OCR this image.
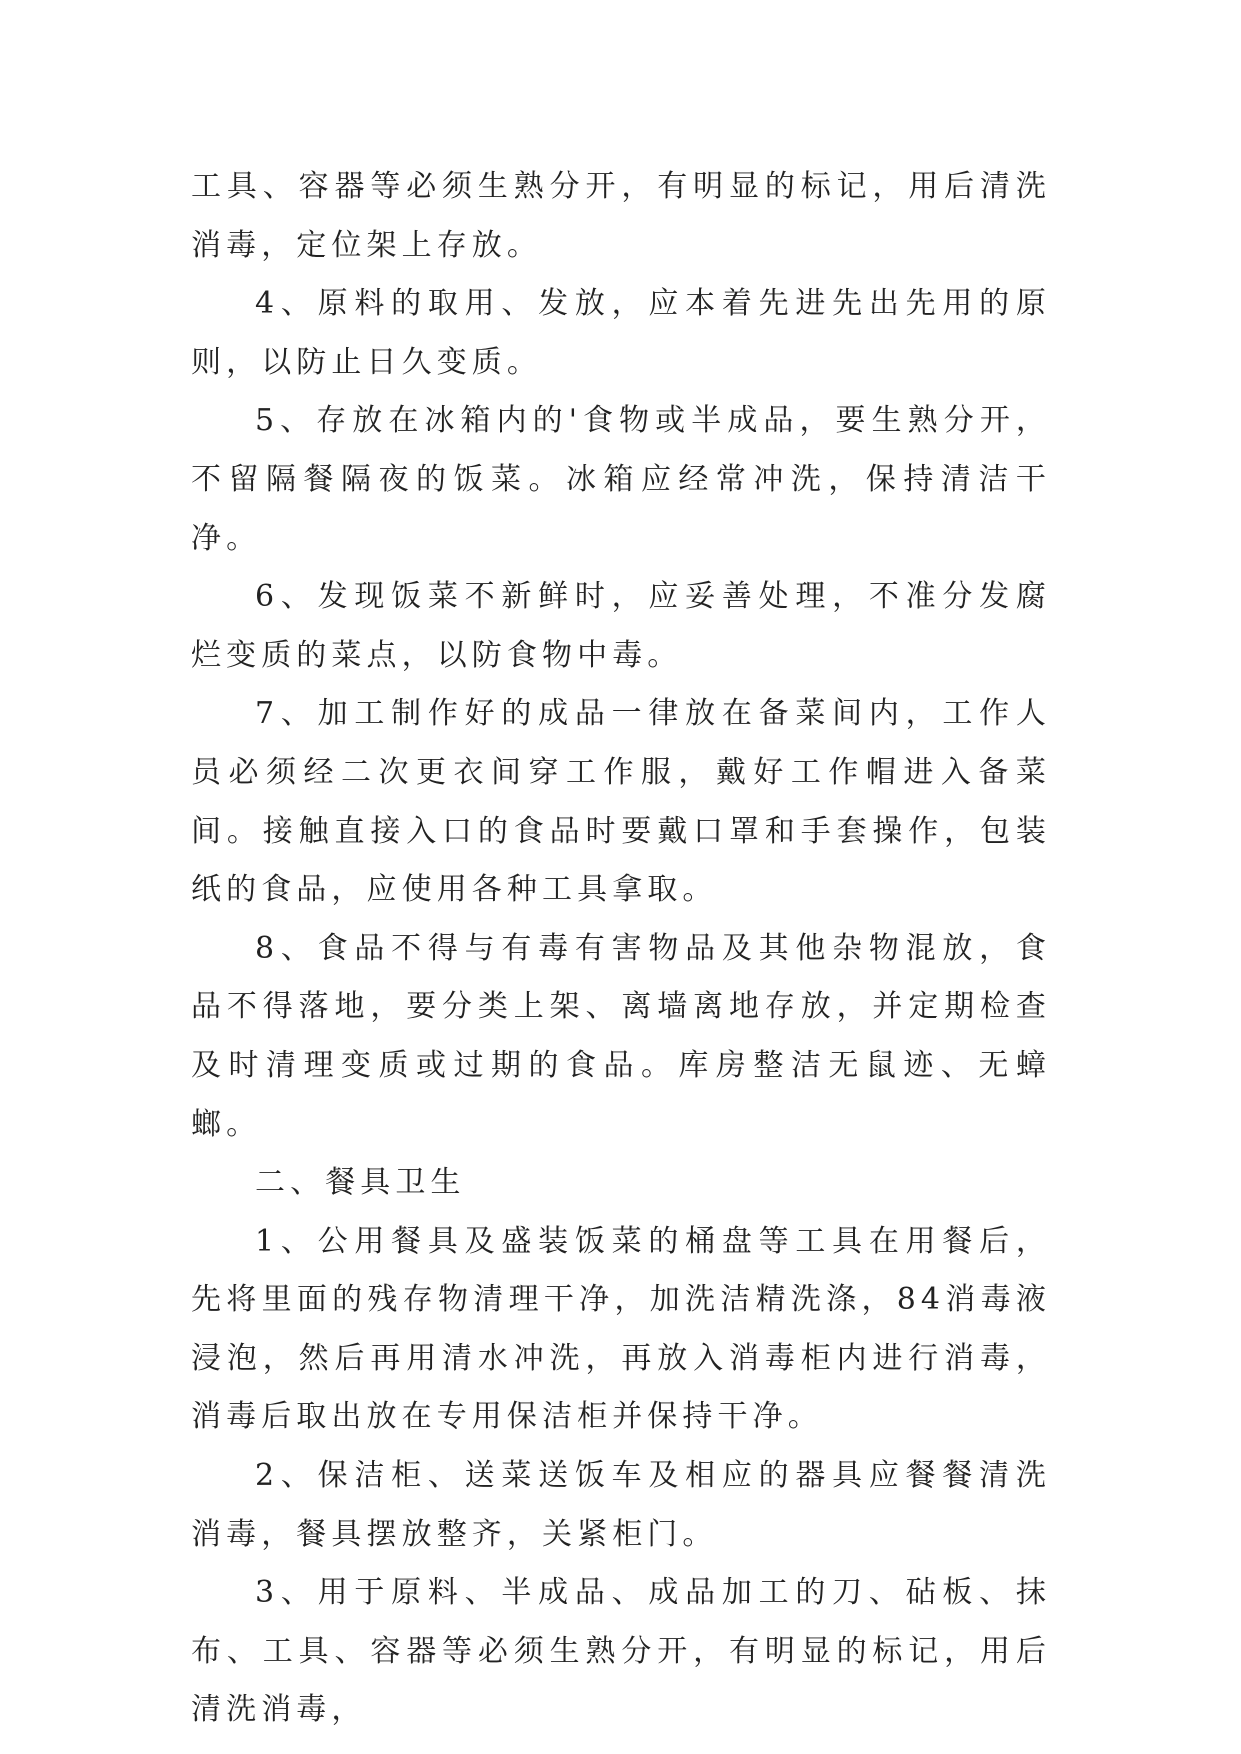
工具、容器等必须生熟分开，有明显的标记，用后清洗消毒，定位架上存放。

4、原料的取用、发放，应本着先进先出先用的原则，以防止日久变质。

5、存放在冰箱内的'食物或半成品，要生熟分开，不留隔餐隔夜的饭菜。冰箱应经常冲洗，保持清洁干净。

6、发现饭菜不新鲜时，应妥善处理，不准分发腐烂变质的菜点，以防食物中毒。

7、加工制作好的成品一律放在备菜间内，工作人员必须经二次更衣间穿工作服，戴好工作帽进入备菜间。接触直接入口的食品时要戴口罩和手套操作，包装纸的食品，应使用各种工具拿取。

8、食品不得与有毒有害物品及其他杂物混放，食品不得落地，要分类上架、离墙离地存放，并定期检查及时清理变质或过期的食品。库房整洁无鼠迹、无蟑螂。

二、餐具卫生

1、公用餐具及盛装饭菜的桶盘等工具在用餐后，先将里面的残存物清理干净，加洗洁精洗涤，84消毒液浸泡，然后再用清水冲洗，再放入消毒柜内进行消毒，消毒后取出放在专用保洁柜并保持干净。

2、保洁柜、送菜送饭车及相应的器具应餐餐清洗消毒，餐具摆放整齐，关紧柜门。

3、用于原料、半成品、成品加工的刀、砧板、抹布、工具、容器等必须生熟分开，有明显的标记，用后清洗消毒，
